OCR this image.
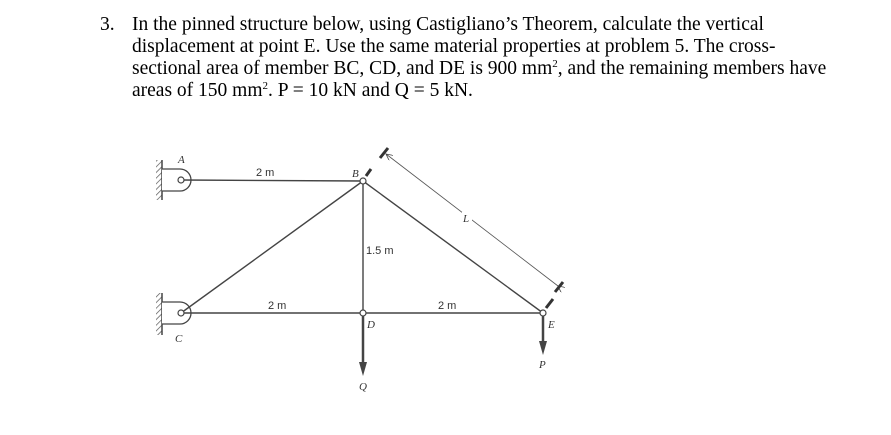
3. In the pinned structure below, using Castigliano’s Theorem, calculate the vertical
displacement at point E. Use the same material properties at problem 5. The cross-
sectional area of member BC, CD, and DE is 900 $mm^2$, and the remaining members have
areas of 150 $mm^2$. P = 10 kN and Q = 5 kN.
A
B
C
D	E
2 m
2 m	2 m
1.5 m
L
Q
P
